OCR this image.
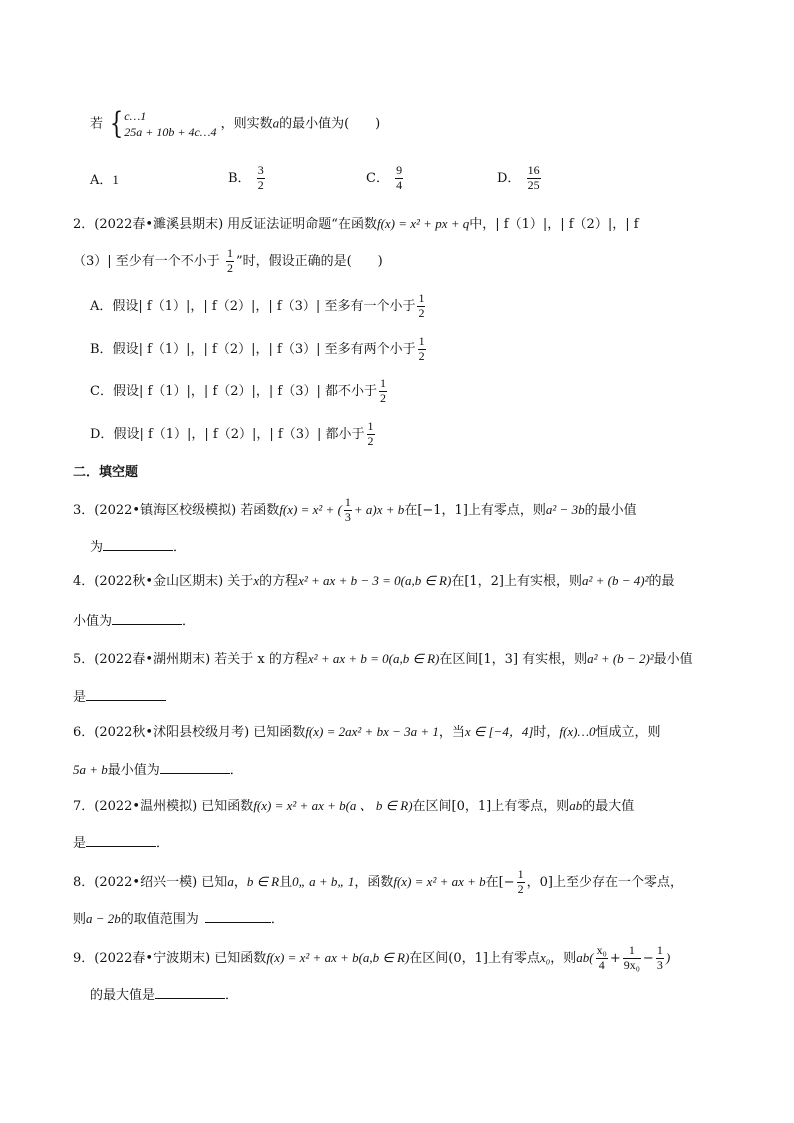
若 { c…1
25a + 10b + 4c…4
，则实数a的最小值为(　　)
A．1	B． $\frac{3}{2}$	C． $\frac{9}{4}$	D． $\frac{16}{25}$
2．(2022春•濉溪县期末) 用反证法证明命题“在函数f(x) = x² + px + q中，| f（1）|，| f（2）|，| f
（3）| 至少有一个不小于 $\frac{1}{2}$ ”时，假设正确的是(　　)
A．假设| f（1）|，| f（2）|，| f（3）| 至多有一个小于 $\frac{1}{2}$
B．假设| f（1）|，| f（2）|，| f（3）| 至多有两个小于 $\frac{1}{2}$
C．假设| f（1）|，| f（2）|，| f（3）| 都不小于 $\frac{1}{2}$
D．假设| f（1）|，| f（2）|，| f（3）| 都小于 $\frac{1}{2}$
二．填空题
3．(2022•镇海区校级模拟) 若函数f(x) = x² + ( $\frac{1}{3} + a)x + b$在[−1，1]上有零点，则a² − 3b的最小值
为	．
4．(2022秋•金山区期末) 关于x的方程x² + ax + b − 3 = 0(a,b ∈ R)在[1，2]上有实根，则a² + (b − 4)²的最
小值为	．
5．(2022春•湖州期末) 若关于 x 的方程x² + ax + b = 0(a,b ∈ R)在区间[1，3] 有实根，则a² + (b − 2)²最小值
是
6．(2022秋•沭阳县校级月考) 已知函数f(x) = 2ax² + bx − 3a + 1，当x ∈ [−4，4]时，f(x)…0恒成立，则
5a + b最小值为	．
7．(2022•温州模拟) 已知函数f(x) = x² + ax + b(a 、 b ∈ R)在区间[0，1]上有零点，则ab的最大值
是	．
8．(2022•绍兴一模) 已知a，b ∈ R且0„ a + b„ 1，函数f(x) = x² + ax + b在[− $\frac{1}{2}$ ，0]上至少存在一个零点，
则a − 2b的取值范围为	．
9．(2022春•宁波期末) 已知函数f(x) = x² + ax + b(a,b ∈ R)在区间(0，1]上有零点x₀，则$ab( \frac{\text{x₀}}{4} + \frac{1}{\text{9x₀}} - \frac{1}{3}$ )
的最大值是	．
